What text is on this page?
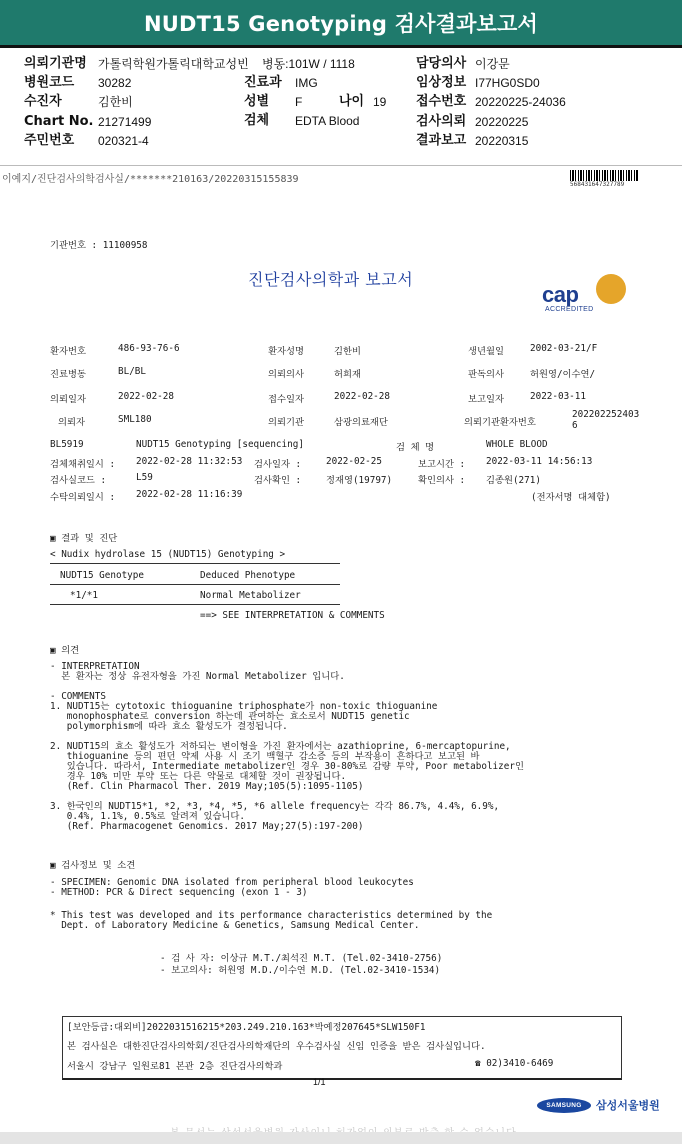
NUDT15 Genotyping 검사결과보고서
의뢰기관명 가톨릭학원가톨릭대학교성빈	병동:101W / 1118	담당의사 이강문
병원코드 30282	진료과 IMG	임상정보 I77HG0SD0
수진자	김한비	성별 F	나이 19 접수번호 20220225-24036
Chart No. 21271499	검체 EDTA Blood	검사의뢰 20220225
주민번호 020321-4	결과보고 20220315
이예지/진단검사의학검사실/*******210163/20220315155839	568431647327789
기관번호 : 11100958
진단검사의학과 보고서
cap
ACCREDITED
환자번호	486-93-76-6	환자성명	김한비	생년월일	2002-03-21/F
진료병동	BL/BL	의뢰의사	허희재	판독의사	허원영/이수연/
의뢰일자	2022-02-28	접수일자	2022-02-28	보고일자	2022-03-11
의뢰자	SML180	의뢰기관	삼광의료재단	의뢰기관환자번호
202202252403
6
BL5919	NUDT15 Genotyping [sequencing]	검 체 명	WHOLE BLOOD
검체채취일시 : 2022-02-28 11:32:53 검사일자 :	2022-02-25	보고시간 : 2022-03-11 14:56:13
검사실코드 :	L59	검사확인 :	정재영(19797)	확인의사 : 김종원(271)
수탁의뢰일시 : 2022-02-28 11:16:39	(전자서명 대체함)
▣ 결과 및 진단
< Nudix hydrolase 15 (NUDT15) Genotyping >
NUDT15 Genotype	Deduced Phenotype
*1/*1	Normal Metabolizer
==> SEE INTERPRETATION & COMMENTS
▣ 의견
- INTERPRETATION
본 환자는 정상 유전자형을 가진 Normal Metabolizer 입니다.
- COMMENTS
1. NUDT15는 cytotoxic thioguanine triphosphate가 non-toxic thioguanine
monophosphate로 conversion 하는데 관여하는 효소로서 NUDT15 genetic
polymorphism에 따라 효소 활성도가 결정됩니다.
2. NUDT15의 효소 활성도가 저하되는 변이형을 가진 환자에서는 azathioprine, 6-mercaptopurine,
thioguanine 등의 편던 약제 사용 시 조기 백혈구 감소증 등의 부작용이 흔하다고 보고된 바
있습니다. 따라서, Intermediate metabolizer인 경우 30-80%로 감량 투약, Poor metabolizer인
경우 10% 미만 투약 또는 다른 약물로 대체할 것이 권장됩니다.
(Ref. Clin Pharmacol Ther. 2019 May;105(5):1095-1105)
3. 한국인의 NUDT15*1, *2, *3, *4, *5, *6 allele frequency는 각각 86.7%, 4.4%, 6.9%,
0.4%, 1.1%, 0.5%로 알려져 있습니다.
(Ref. Pharmacogenet Genomics. 2017 May;27(5):197-200)
▣ 검사정보 및 소견
- SPECIMEN: Genomic DNA isolated from peripheral blood leukocytes
- METHOD: PCR & Direct sequencing (exon 1 - 3)
* This test was developed and its performance characteristics determined by the
Dept. of Laboratory Medicine & Genetics, Samsung Medical Center.
- 검 사 자: 이상규 M.T./최석진 M.T. (Tel.02-3410-2756)
- 보고의사: 허원영 M.D./이수연 M.D. (Tel.02-3410-1534)
[보안등급:대외비]2022031516215*203.249.210.163*박예정207645*SLW150F1
본 검사실은 대한진단검사의학회/진단검사의학재단의 우수검사실 신임 인증을 받은 검사실입니다.
서울시 강남구 일원로81 본관 2층 진단검사의학과	☎ 02)3410-6469
1/1
SAMSUNG	삼성서울병원
